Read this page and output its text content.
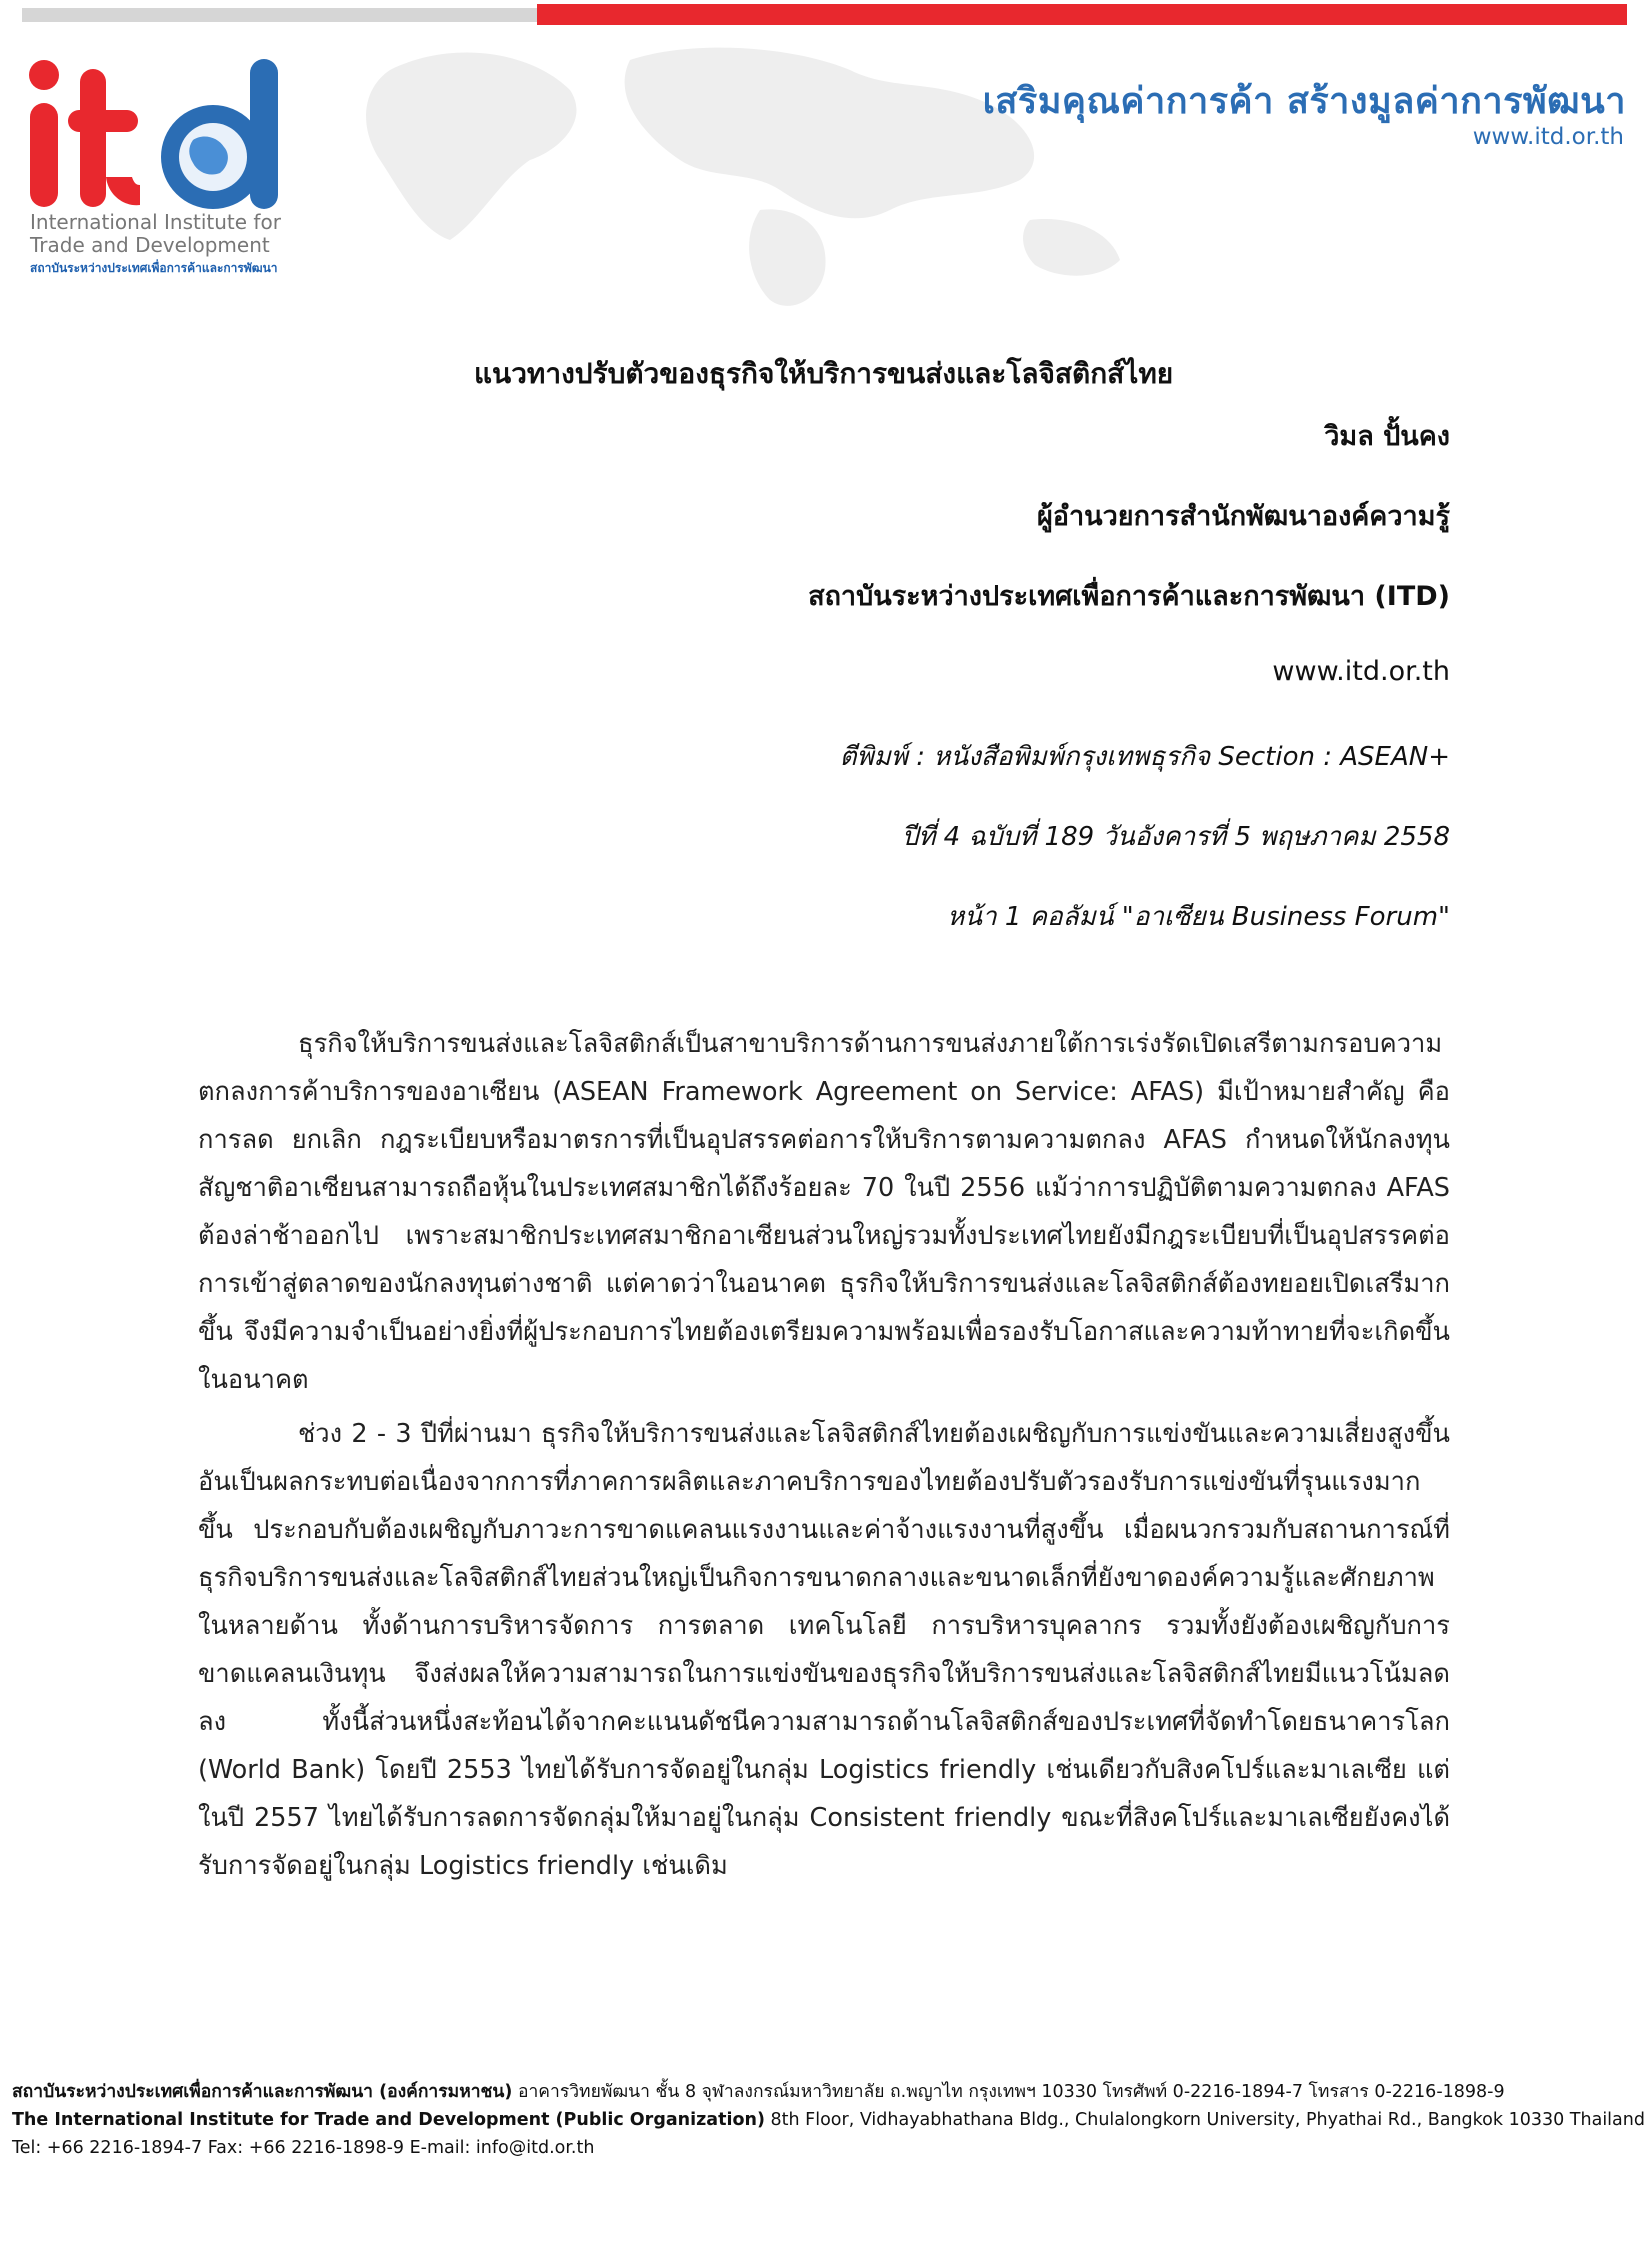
International Institute for
Trade and Development
สถาบันระหว่างประเทศเพื่อการค้าและการพัฒนา
เสริมคุณค่าการค้า สร้างมูลค่าการพัฒนา
www.itd.or.th
แนวทางปรับตัวของธุรกิจให้บริการขนส่งและโลจิสติกส์ไทย
วิมล ปั้นคง
ผู้อำนวยการสำนักพัฒนาองค์ความรู้
สถาบันระหว่างประเทศเพื่อการค้าและการพัฒนา (ITD)
www.itd.or.th
ตีพิมพ์ : หนังสือพิมพ์กรุงเทพธุรกิจ Section : ASEAN+
ปีที่ 4 ฉบับที่ 189 วันอังคารที่ 5 พฤษภาคม 2558
หน้า 1 คอลัมน์ "อาเซียน Business Forum"

ธุรกิจให้บริการขนส่งและโลจิสติกส์เป็นสาขาบริการด้านการขนส่งภายใต้การเร่งรัดเปิดเสรีตามกรอบความตกลงการค้าบริการของอาเซียน (ASEAN Framework Agreement on Service: AFAS) มีเป้าหมายสำคัญ คือ การลด ยกเลิก กฎระเบียบหรือมาตรการที่เป็นอุปสรรคต่อการให้บริการตามความตกลง AFAS กำหนดให้นักลงทุนสัญชาติอาเซียนสามารถถือหุ้นในประเทศสมาชิกได้ถึงร้อยละ 70 ในปี 2556 แม้ว่าการปฏิบัติตามความตกลง AFAS ต้องล่าช้าออกไป เพราะสมาชิกประเทศสมาชิกอาเซียนส่วนใหญ่รวมทั้งประเทศไทยยังมีกฎระเบียบที่เป็นอุปสรรคต่อการเข้าสู่ตลาดของนักลงทุนต่างชาติ แต่คาดว่าในอนาคต ธุรกิจให้บริการขนส่งและโลจิสติกส์ต้องทยอยเปิดเสรีมากขึ้น จึงมีความจำเป็นอย่างยิ่งที่ผู้ประกอบการไทยต้องเตรียมความพร้อมเพื่อรองรับโอกาสและความท้าทายที่จะเกิดขึ้นในอนาคต

ช่วง 2 - 3 ปีที่ผ่านมา ธุรกิจให้บริการขนส่งและโลจิสติกส์ไทยต้องเผชิญกับการแข่งขันและความเสี่ยงสูงขึ้น อันเป็นผลกระทบต่อเนื่องจากการที่ภาคการผลิตและภาคบริการของไทยต้องปรับตัวรองรับการแข่งขันที่รุนแรงมากขึ้น ประกอบกับต้องเผชิญกับภาวะการขาดแคลนแรงงานและค่าจ้างแรงงานที่สูงขึ้น เมื่อผนวกรวมกับสถานการณ์ที่ธุรกิจบริการขนส่งและโลจิสติกส์ไทยส่วนใหญ่เป็นกิจการขนาดกลางและขนาดเล็กที่ยังขาดองค์ความรู้และศักยภาพในหลายด้าน ทั้งด้านการบริหารจัดการ การตลาด เทคโนโลยี การบริหารบุคลากร รวมทั้งยังต้องเผชิญกับการขาดแคลนเงินทุน จึงส่งผลให้ความสามารถในการแข่งขันของธุรกิจให้บริการขนส่งและโลจิสติกส์ไทยมีแนวโน้มลดลง ทั้งนี้ส่วนหนึ่งสะท้อนได้จากคะแนนดัชนีความสามารถด้านโลจิสติกส์ของประเทศที่จัดทำโดยธนาคารโลก (World Bank) โดยปี 2553 ไทยได้รับการจัดอยู่ในกลุ่ม Logistics friendly เช่นเดียวกับสิงคโปร์และมาเลเซีย แต่ในปี 2557 ไทยได้รับการลดการจัดกลุ่มให้มาอยู่ในกลุ่ม Consistent friendly ขณะที่สิงคโปร์และมาเลเซียยังคงได้รับการจัดอยู่ในกลุ่ม Logistics friendly เช่นเดิม

สถาบันระหว่างประเทศเพื่อการค้าและการพัฒนา (องค์การมหาชน) อาคารวิทยพัฒนา ชั้น 8 จุฬาลงกรณ์มหาวิทยาลัย ถ.พญาไท กรุงเทพฯ 10330 โทรศัพท์ 0-2216-1894-7 โทรสาร 0-2216-1898-9
The International Institute for Trade and Development (Public Organization) 8th Floor, Vidhayabhathana Bldg., Chulalongkorn University, Phyathai Rd., Bangkok 10330 Thailand
Tel: +66 2216-1894-7 Fax: +66 2216-1898-9 E-mail: info@itd.or.th
